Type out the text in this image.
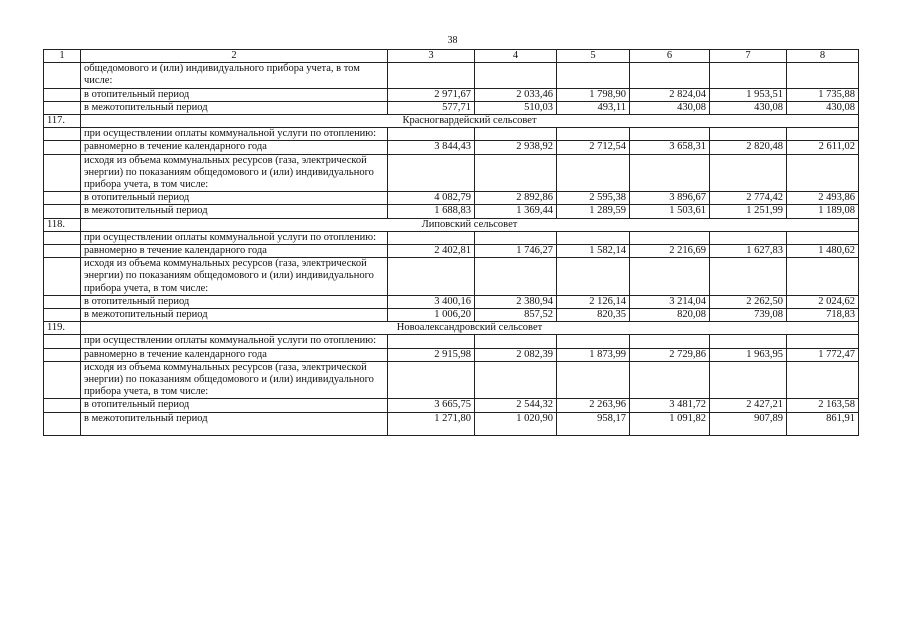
38
1	2	3	4	5	6	7	8
	общедомового и (или) индивидуального прибора учета, в том числе:						
	в отопительный период	2 971,67	2 033,46	1 798,90	2 824,04	1 953,51	1 735,88
	в межотопительный период	577,71	510,03	493,11	430,08	430,08	430,08
117.	Красногвардейский сельсовет						
	при осуществлении оплаты коммунальной услуги по отоплению:						
	равномерно в течение календарного года	3 844,43	2 938,92	2 712,54	3 658,31	2 820,48	2 611,02
	исходя из объема коммунальных ресурсов (газа, электрической энергии) по показаниям общедомового и (или) индивидуального прибора учета, в том числе:						
	в отопительный период	4 082,79	2 892,86	2 595,38	3 896,67	2 774,42	2 493,86
	в межотопительный период	1 688,83	1 369,44	1 289,59	1 503,61	1 251,99	1 189,08
118.	Липовский сельсовет						
	при осуществлении оплаты коммунальной услуги по отоплению:						
	равномерно в течение календарного года	2 402,81	1 746,27	1 582,14	2 216,69	1 627,83	1 480,62
	исходя из объема коммунальных ресурсов (газа, электрической энергии) по показаниям общедомового и (или) индивидуального прибора учета, в том числе:						
	в отопительный период	3 400,16	2 380,94	2 126,14	3 214,04	2 262,50	2 024,62
	в межотопительный период	1 006,20	857,52	820,35	820,08	739,08	718,83
119.	Новоалександровский сельсовет						
	при осуществлении оплаты коммунальной услуги по отоплению:						
	равномерно в течение календарного года	2 915,98	2 082,39	1 873,99	2 729,86	1 963,95	1 772,47
	исходя из объема коммунальных ресурсов (газа, электрической энергии) по показаниям общедомового и (или) индивидуального прибора учета, в том числе:						
	в отопительный период	3 665,75	2 544,32	2 263,96	3 481,72	2 427,21	2 163,58
	в межотопительный период	1 271,80	1 020,90	958,17	1 091,82	907,89	861,91
